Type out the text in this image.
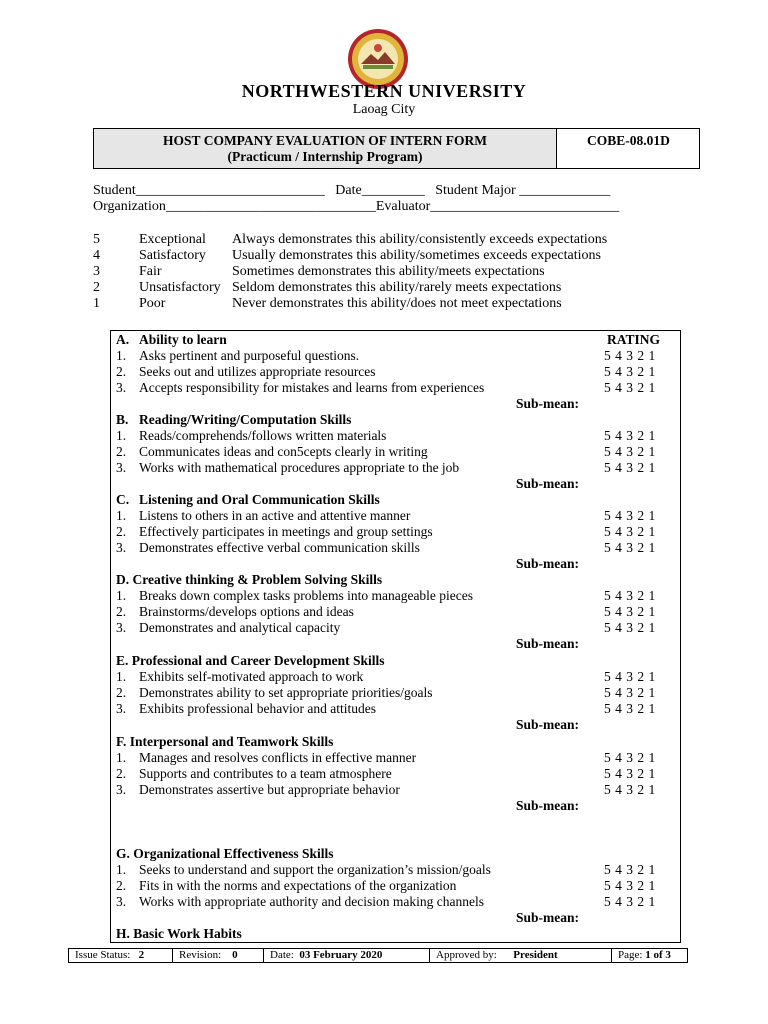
NORTHWESTERN UNIVERSITY
Laoag City
HOST COMPANY EVALUATION OF INTERN FORM
(Practicum / Internship Program)
COBE-08.01D
Student___________________________   Date_________   Student Major _____________
Organization______________________________Evaluator___________________________
5	Exceptional Always demonstrates this ability/consistently exceeds expectations
4	Satisfactory Usually demonstrates this ability/sometimes exceeds expectations
3	Fair	Sometimes demonstrates this ability/meets expectations
2	Unsatisfactory Seldom demonstrates this ability/rarely meets expectations
1	Poor	Never demonstrates this ability/does not meet expectations
A. Ability to learn	RATING
1. Asks pertinent and purposeful questions.	5 4 3 2 1
2. Seeks out and utilizes appropriate resources	5 4 3 2 1
3. Accepts responsibility for mistakes and learns from experiences	5 4 3 2 1
Sub-mean:
B. Reading/Writing/Computation Skills
1. Reads/comprehends/follows written materials	5 4 3 2 1
2. Communicates ideas and con5cepts clearly in writing	5 4 3 2 1
3. Works with mathematical procedures appropriate to the job	5 4 3 2 1
Sub-mean:
C. Listening and Oral Communication Skills
1. Listens to others in an active and attentive manner	5 4 3 2 1
2. Effectively participates in meetings and group settings	5 4 3 2 1
3. Demonstrates effective verbal communication skills	5 4 3 2 1
Sub-mean:
D. Creative thinking & Problem Solving Skills
1. Breaks down complex tasks problems into manageable pieces	5 4 3 2 1
2. Brainstorms/develops options and ideas	5 4 3 2 1
3. Demonstrates and analytical capacity	5 4 3 2 1
Sub-mean:
E. Professional and Career Development Skills
1. Exhibits self-motivated approach to work	5 4 3 2 1
2. Demonstrates ability to set appropriate priorities/goals	5 4 3 2 1
3. Exhibits professional behavior and attitudes	5 4 3 2 1
Sub-mean:
F. Interpersonal and Teamwork Skills
1. Manages and resolves conflicts in effective manner	5 4 3 2 1
2. Supports and contributes to a team atmosphere	5 4 3 2 1
3. Demonstrates assertive but appropriate behavior	5 4 3 2 1
Sub-mean:
G. Organizational Effectiveness Skills
1. Seeks to understand and support the organization’s mission/goals	5 4 3 2 1
2. Fits in with the norms and expectations of the organization	5 4 3 2 1
3. Works with appropriate authority and decision making channels	5 4 3 2 1
Sub-mean:
H. Basic Work Habits
Issue Status: 2	Revision: 0	Date: 03 February 2020	Approved by: President	Page: 1 of 3
